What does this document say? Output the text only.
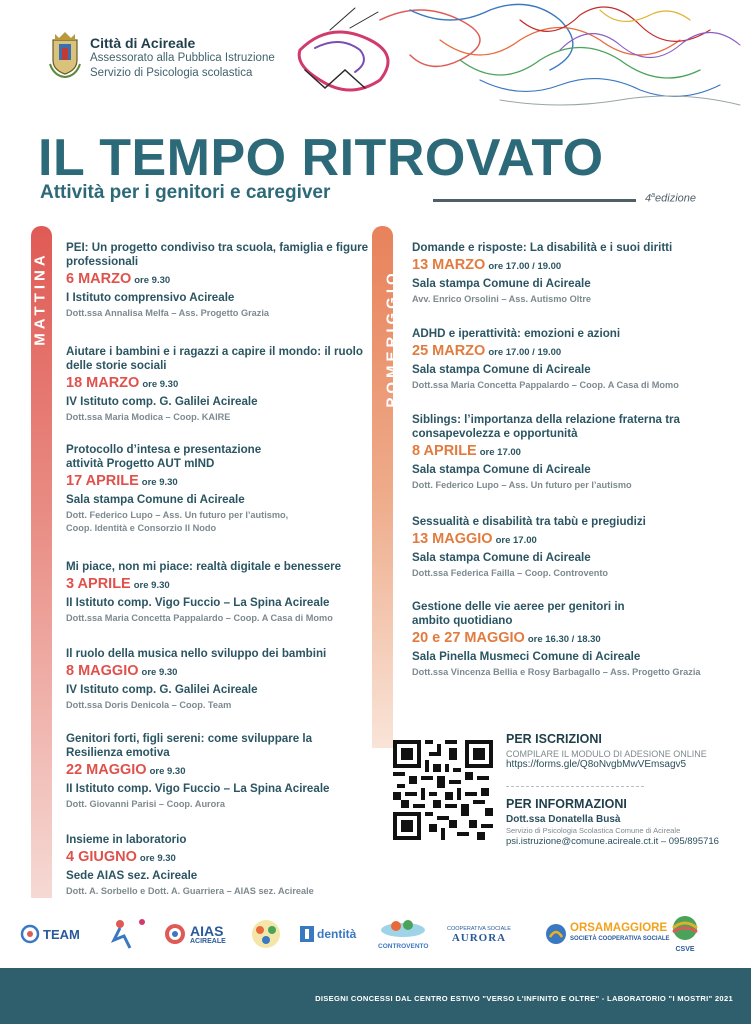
Città di Acireale
Assessorato alla Pubblica Istruzione
Servizio di Psicologia scolastica
IL TEMPO RITROVATO
Attività per i genitori e caregiver	4$^a$edizione
MATTINA	POMERIGGIO
PEI: Un progetto condiviso tra scuola, famiglia e figure professionali
6 MARZO ore 9.30
I Istituto comprensivo Acireale
Dott.ssa Annalisa Melfa – Ass. Progetto Grazia
Aiutare i bambini e i ragazzi a capire il mondo: il ruolo delle storie sociali
18 MARZO ore 9.30
IV Istituto comp. G. Galilei Acireale
Dott.ssa Maria Modica – Coop. KAIRE
Protocollo d’intesa e presentazione attività Progetto AUT mIND
17 APRILE ore 9.30
Sala stampa Comune di Acireale
Dott. Federico Lupo – Ass. Un futuro per l’autismo, Coop. Identità e Consorzio Il Nodo
Mi piace, non mi piace: realtà digitale e benessere
3 APRILE ore 9.30
II Istituto comp. Vigo Fuccio – La Spina Acireale
Dott.ssa Maria Concetta Pappalardo – Coop. A Casa di Momo
Il ruolo della musica nello sviluppo dei bambini
8 MAGGIO ore 9.30
IV Istituto comp. G. Galilei Acireale
Dott.ssa Doris Denicola – Coop. Team
Genitori forti, figli sereni: come sviluppare la Resilienza emotiva
22 MAGGIO ore 9.30
II Istituto comp. Vigo Fuccio – La Spina Acireale
Dott. Giovanni Parisi – Coop. Aurora
Insieme in laboratorio
4 GIUGNO ore 9.30
Sede AIAS sez. Acireale
Dott. A. Sorbello e Dott. A. Guarriera – AIAS sez. Acireale
Domande e risposte: La disabilità e i suoi diritti
13 MARZO ore 17.00 / 19.00
Sala stampa Comune di Acireale
Avv. Enrico Orsolini – Ass. Autismo Oltre
ADHD e iperattività: emozioni e azioni
25 MARZO ore 17.00 / 19.00
Sala stampa Comune di Acireale
Dott.ssa Maria Concetta Pappalardo – Coop. A Casa di Momo
Siblings: l’importanza della relazione fraterna tra consapevolezza e opportunità
8 APRILE ore 17.00
Sala stampa Comune di Acireale
Dott. Federico Lupo – Ass. Un futuro per l’autismo
Sessualità e disabilità tra tabù e pregiudizi
13 MAGGIO ore 17.00
Sala stampa Comune di Acireale
Dott.ssa Federica Failla – Coop. Controvento
Gestione delle vie aeree per genitori in ambito quotidiano
20 e 27 MAGGIO ore 16.30 / 18.30
Sala Pinella Musmeci Comune di Acireale
Dott.ssa Vincenza Bellia e Rosy Barbagallo – Ass. Progetto Grazia
PER ISCRIZIONI
COMPILARE IL MODULO DI ADESIONE ONLINE
https://forms.gle/Q8oNvgbMwVEmsagv5
PER INFORMAZIONI
Dott.ssa Donatella Busà
Servizio di Psicologia Scolastica Comune di Acireale
psi.istruzione@comune.acireale.ct.it – 095/895716
TEAM	AIAS
ACIREALE	dentità
CONTROVENTO
COOPERATIVA SOCIALE
AURORA
ORSAMAGGIORE
SOCIETÀ COOPERATIVA SOCIALE
CSVE
DISEGNI CONCESSI DAL CENTRO ESTIVO "VERSO L'INFINITO E OLTRE" - LABORATORIO "I MOSTRI" 2021
